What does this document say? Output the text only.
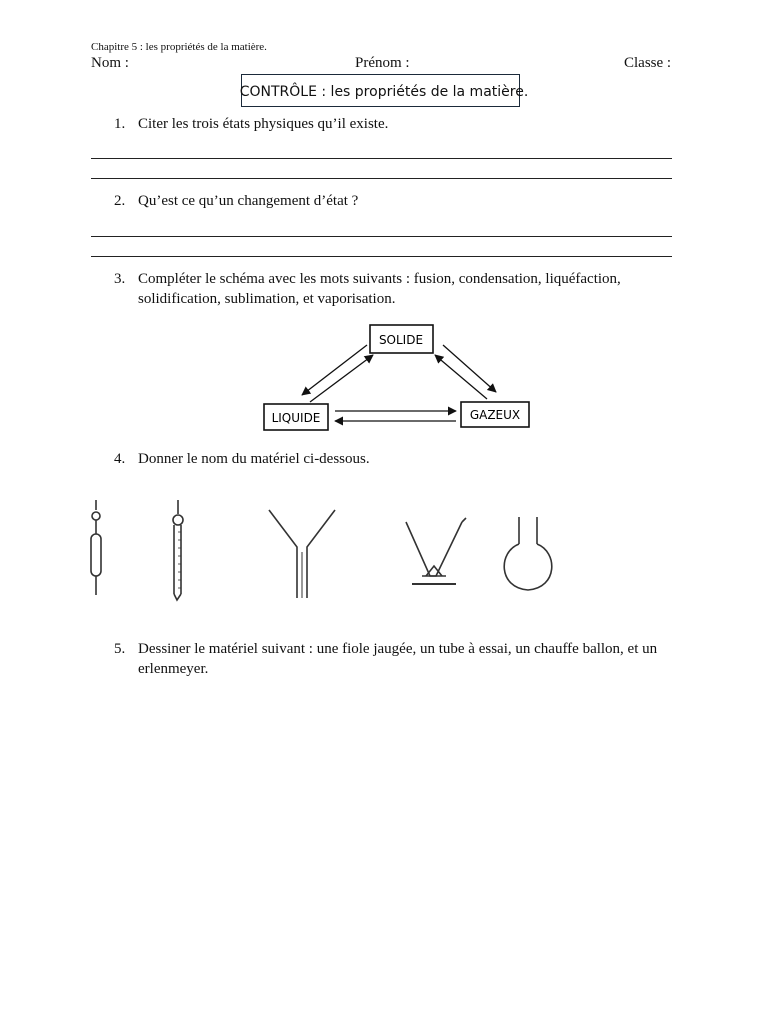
Chapitre 5 : les propriétés de la matière.
Nom :	Prénom :	Classe :
CONTRÔLE : les propriétés de la matière.
1. Citer les trois états physiques qu’il existe.
2. Qu’est ce qu’un changement d’état ?
3. Compléter le schéma avec les mots suivants : fusion, condensation, liquéfaction, solidification, sublimation, et vaporisation.
SOLIDE
LIQUIDE	GAZEUX
4. Donner le nom du matériel ci-dessous.
5. Dessiner le matériel suivant : une fiole jaugée, un tube à essai, un chauffe ballon, et un erlenmeyer.
